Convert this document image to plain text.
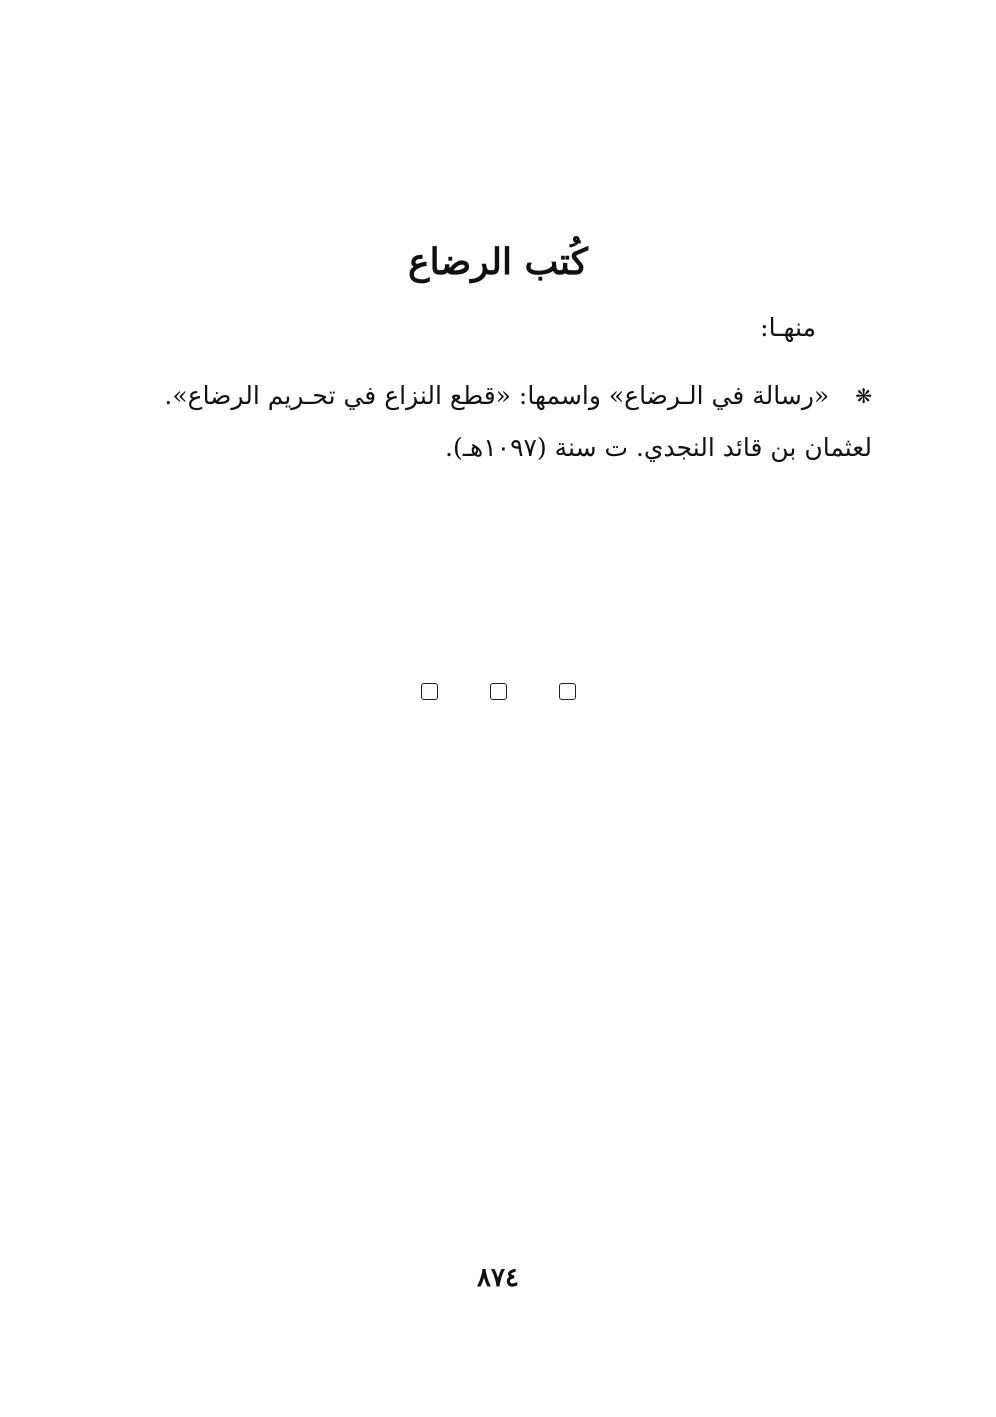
كُتب الرضاع
منهـا:
❋«رسالة في الـرضاع» واسمها: «قطع النزاع في تحـريم الرضاع».
لعثمان بن قائد النجدي. ت سنة (١٠٩٧هـ).
٨٧٤
